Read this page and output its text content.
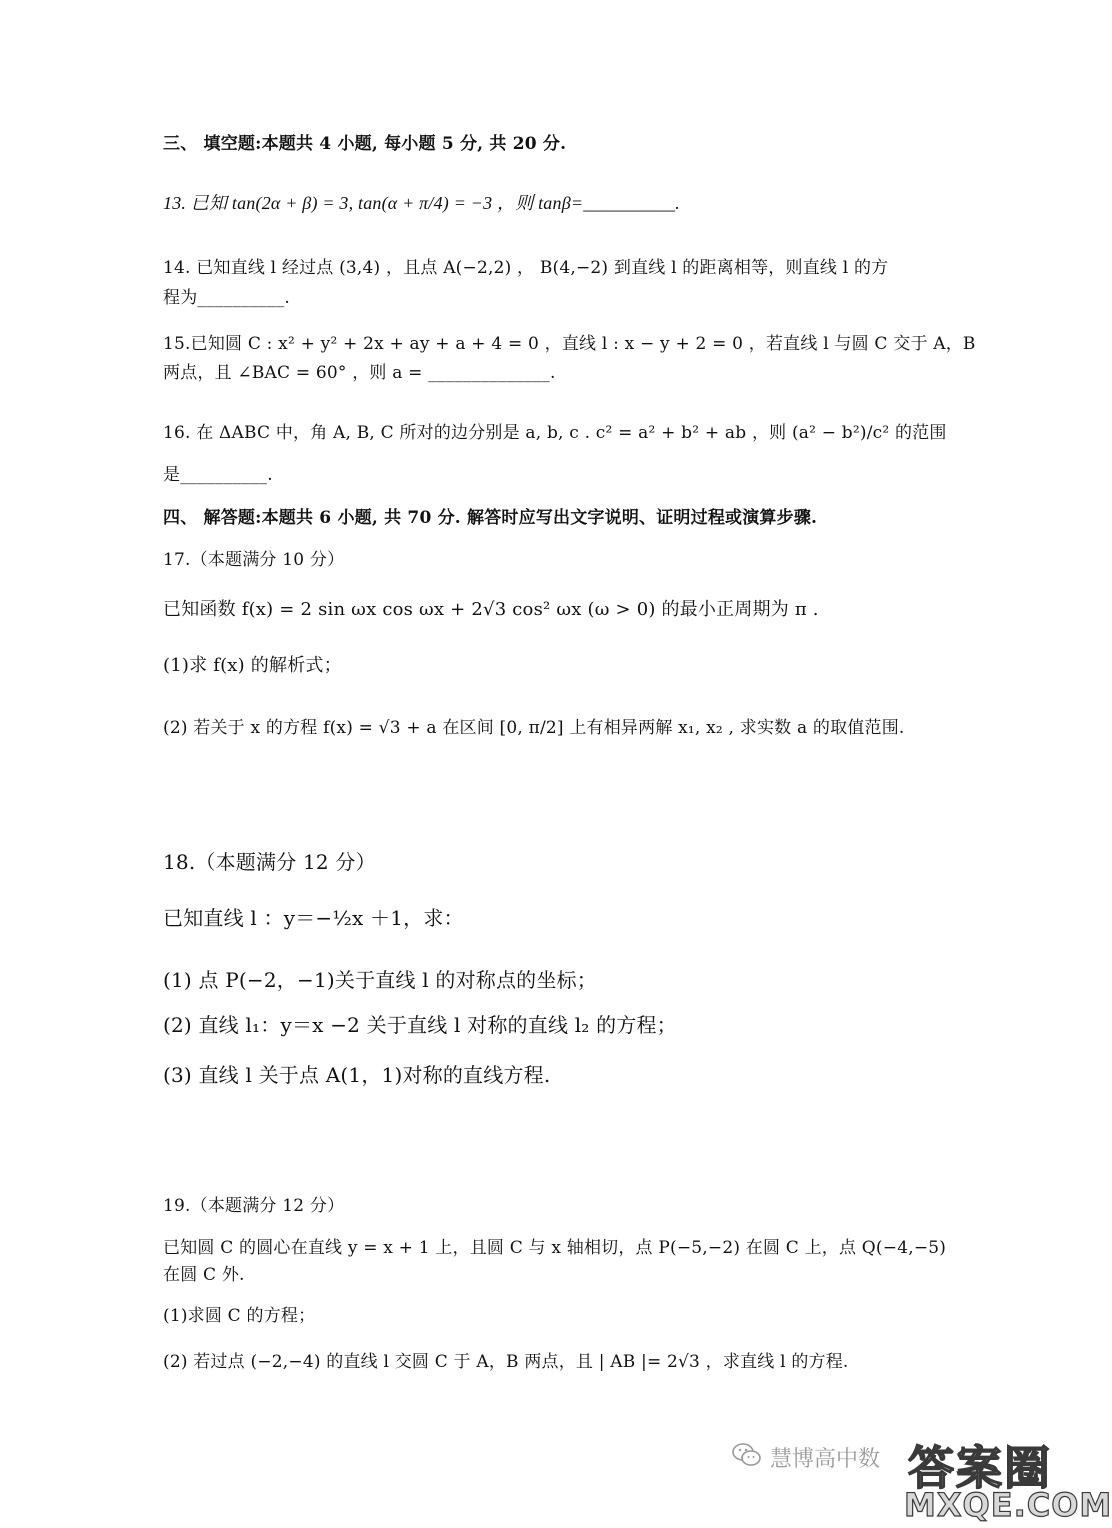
三、 填空题:本题共 4 小题, 每小题 5 分, 共 20 分.
13. 已知 tan(2α + β) = 3, tan(α + π/4) = −3 ，则 tanβ=__________.
14. 已知直线 l 经过点 (3,4) ，且点 A(−2,2) ， B(4,−2) 到直线 l 的距离相等，则直线 l 的方
程为__________.
15.已知圆 C : x² + y² + 2x + ay + a + 4 = 0 ，直线 l : x − y + 2 = 0 ，若直线 l 与圆 C 交于 A，B
两点，且 ∠BAC = 60° ，则 a = ______________.
16. 在 ΔABC 中，角 A, B, C 所对的边分别是 a, b, c . c² = a² + b² + ab ，则 (a² − b²)/c² 的范围
是__________.
四、 解答题:本题共 6 小题, 共 70 分. 解答时应写出文字说明、证明过程或演算步骤.
17.（本题满分 10 分）
已知函数 f(x) = 2 sin ωx cos ωx + 2√3 cos² ωx (ω > 0) 的最小正周期为 π .
(1)求 f(x) 的解析式；
(2) 若关于 x 的方程 f(x) = √3 + a 在区间 [0, π/2] 上有相异两解 x₁, x₂ , 求实数 a 的取值范围.
18.（本题满分 12 分）
已知直线 l ：y＝−½x ＋1，求：
(1) 点 P(−2，−1)关于直线 l 的对称点的坐标；
(2) 直线 l₁：y＝x −2 关于直线 l 对称的直线 l₂ 的方程；
(3) 直线 l 关于点 A(1，1)对称的直线方程.
19.（本题满分 12 分）
已知圆 C 的圆心在直线 y = x + 1 上，且圆 C 与 x 轴相切，点 P(−5,−2) 在圆 C 上，点 Q(−4,−5)
在圆 C 外.
(1)求圆 C 的方程；
(2) 若过点 (−2,−4) 的直线 l 交圆 C 于 A，B 两点，且 | AB |= 2√3 ，求直线 l 的方程.
慧博高中数 答案圈
MXQE.COM
